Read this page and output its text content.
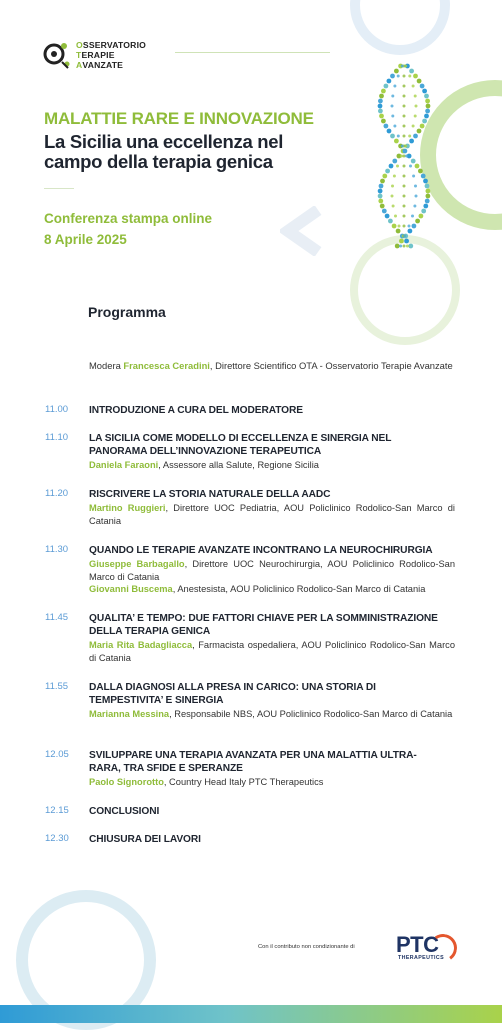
OSSERVATORIO
TERAPIE
AVANZATE
MALATTIE RARE E INNOVAZIONE
La Sicilia una eccellenza nel campo della terapia genica
Conferenza stampa online
8 Aprile 2025
Programma
Modera Francesca Ceradini, Direttore Scientifico OTA - Osservatorio Terapie Avanzate
11.00 INTRODUZIONE A CURA DEL MODERATORE
11.10 LA SICILIA COME MODELLO DI ECCELLENZA E SINERGIA NEL PANORAMA DELL’INNOVAZIONE TERAPEUTICA
Daniela Faraoni, Assessore alla Salute, Regione Sicilia
11.20 RISCRIVERE LA STORIA NATURALE DELLA AADC
Martino Ruggieri, Direttore UOC Pediatria, AOU Policlinico Rodolico-San Marco di Catania
11.30 QUANDO LE TERAPIE AVANZATE INCONTRANO LA NEUROCHIRURGIA
Giuseppe Barbagallo, Direttore UOC Neurochirurgia, AOU Policlinico Rodolico-San Marco di Catania
Giovanni Buscema, Anestesista, AOU Policlinico Rodolico-San Marco di Catania
11.45 QUALITA’ E TEMPO: DUE FATTORI CHIAVE PER LA SOMMINISTRAZIONE DELLA TERAPIA GENICA
Maria Rita Badagliacca, Farmacista ospedaliera, AOU Policlinico Rodolico-San Marco di Catania
11.55 DALLA DIAGNOSI ALLA PRESA IN CARICO: UNA STORIA DI TEMPESTIVITA’ E SINERGIA
Marianna Messina, Responsabile NBS, AOU Policlinico Rodolico-San Marco di Catania
12.05 SVILUPPARE UNA TERAPIA AVANZATA PER UNA MALATTIA ULTRA-RARA, TRA SFIDE E SPERANZE
Paolo Signorotto, Country Head Italy PTC Therapeutics
12.15 CONCLUSIONI
12.30 CHIUSURA DEI LAVORI
Con il contributo non condizionante di PTC
THERAPEUTICS
